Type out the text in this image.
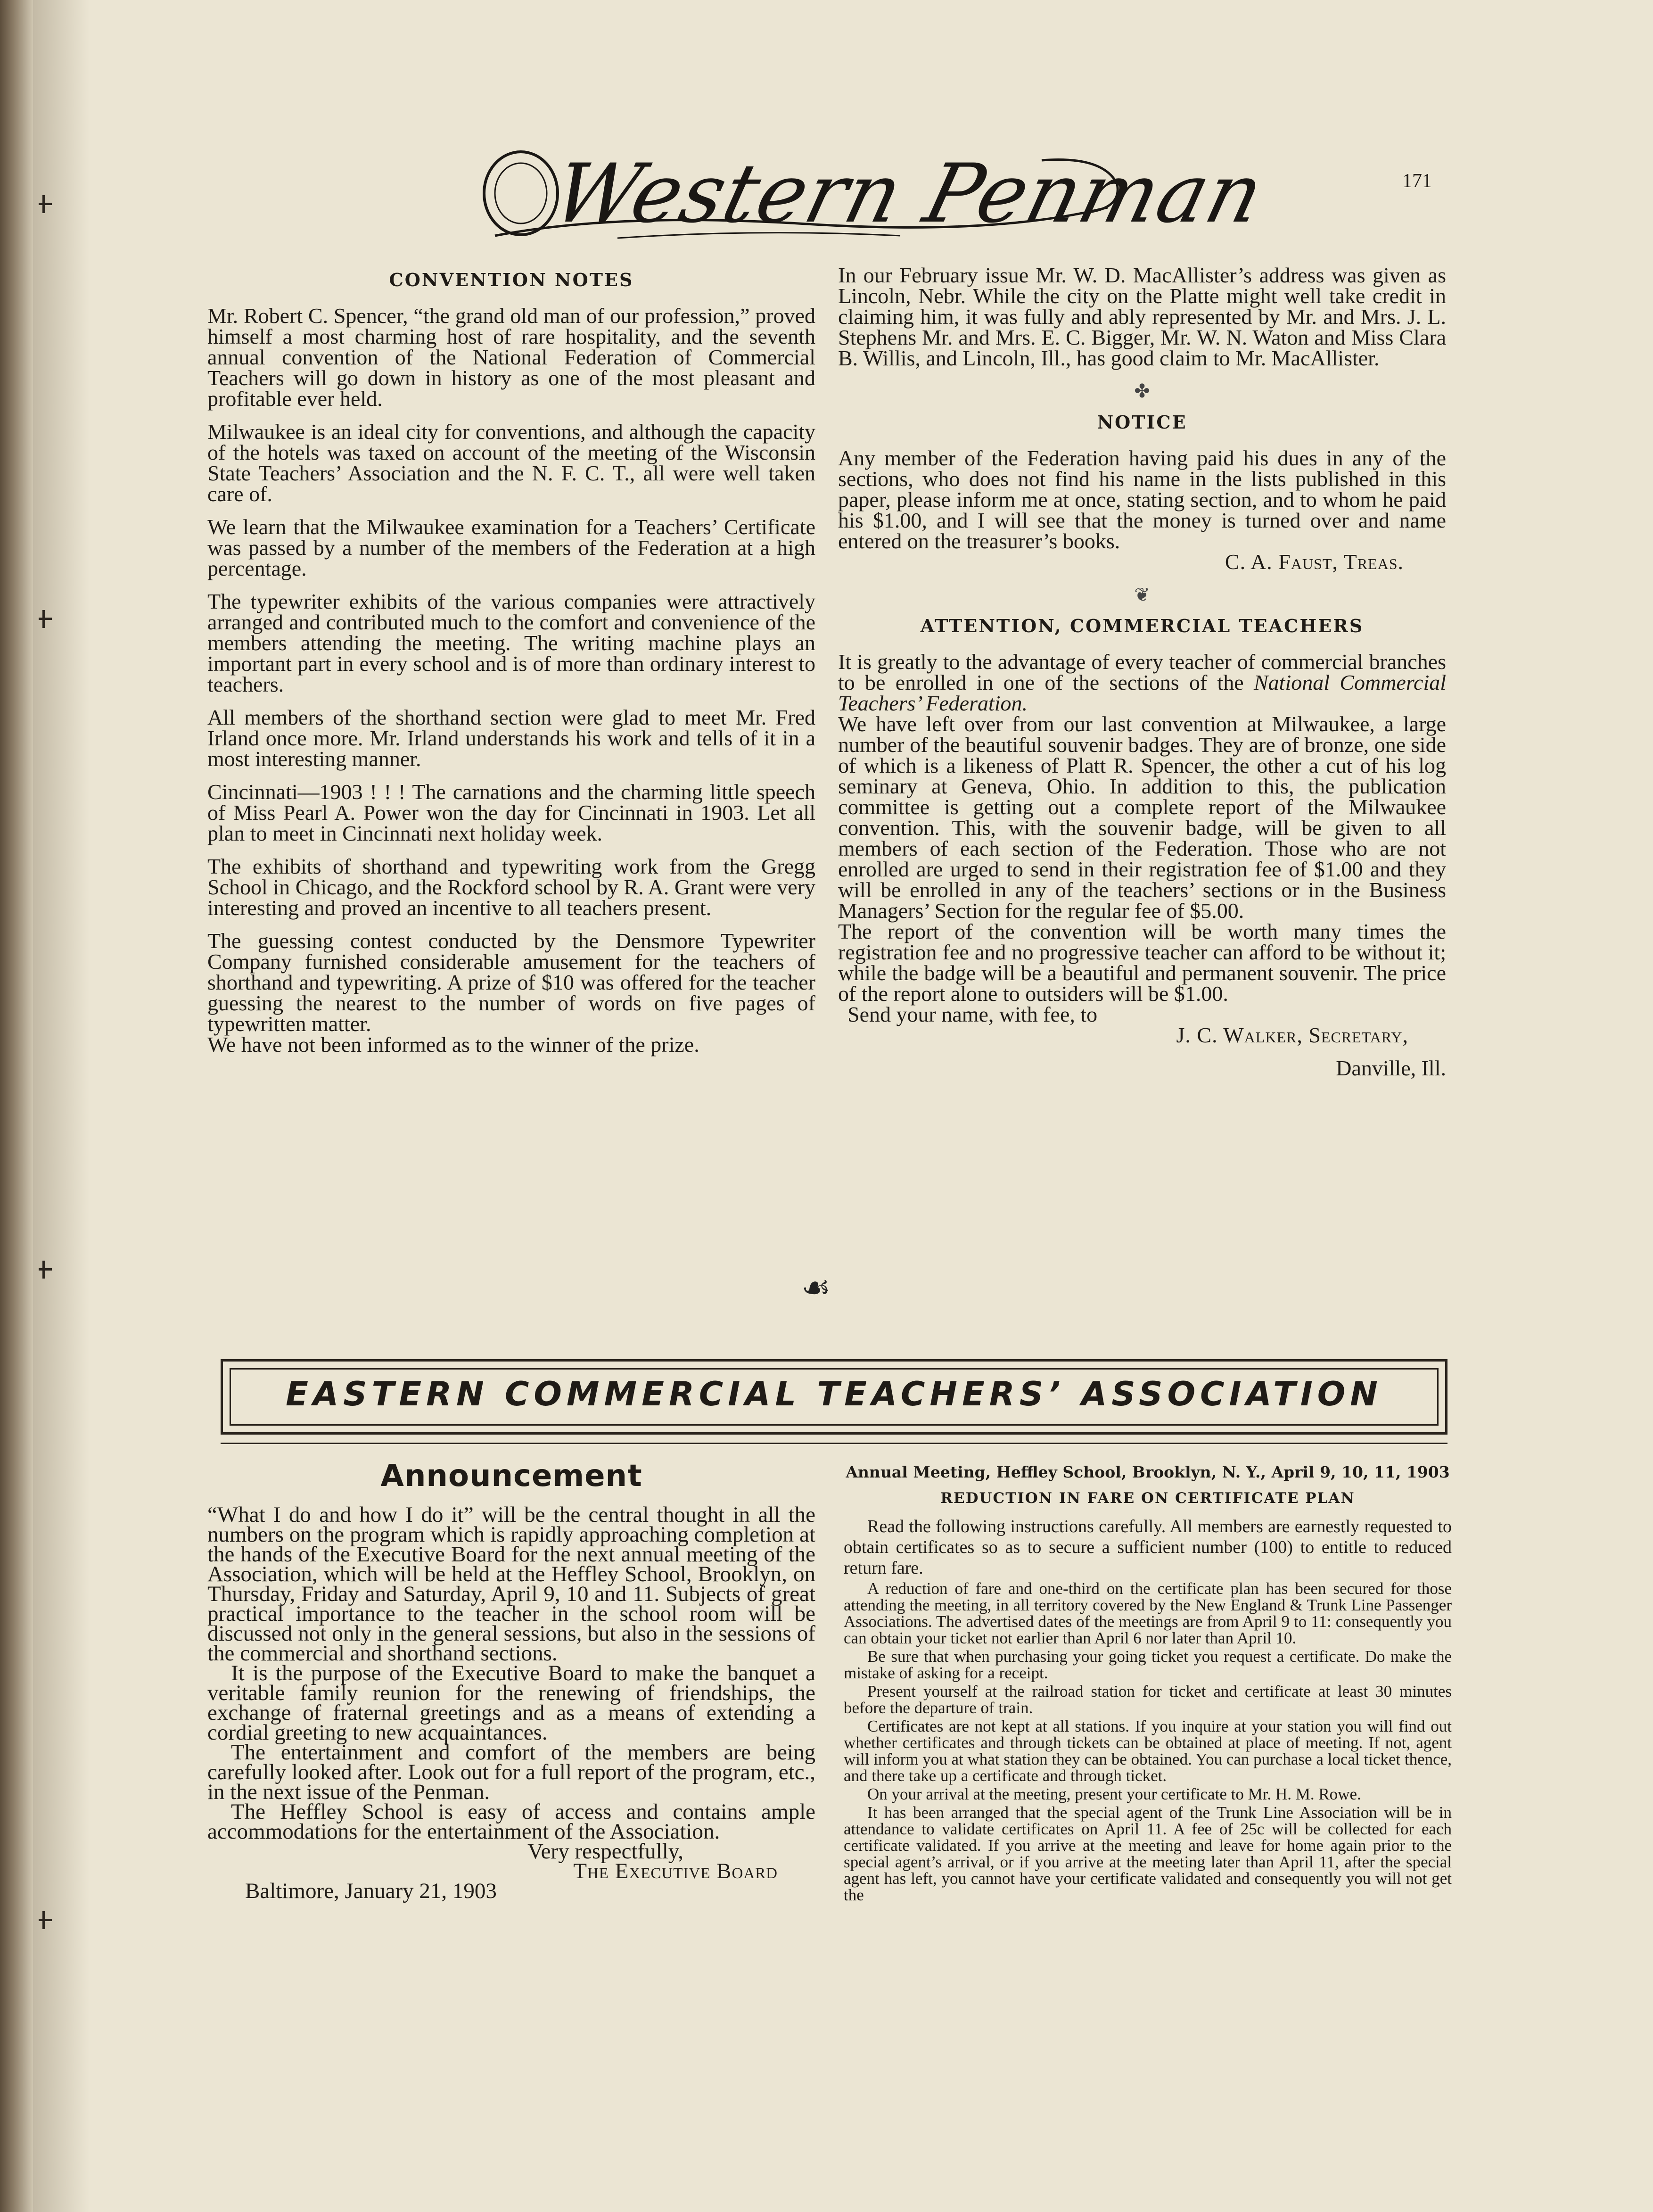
Western Penman	171
CONVENTION NOTES

Mr. Robert C. Spencer, “the grand old man of our profession,” proved himself a most charming host of rare hospitality, and the seventh annual convention of the National Federation of Commercial Teachers will go down in history as one of the most pleasant and profitable ever held.

Milwaukee is an ideal city for conventions, and although the capacity of the hotels was taxed on account of the meeting of the Wisconsin State Teachers’ Association and the N. F. C. T., all were well taken care of.

We learn that the Milwaukee examination for a Teachers’ Certificate was passed by a number of the members of the Federation at a high percentage.

The typewriter exhibits of the various companies were attractively arranged and contributed much to the comfort and convenience of the members attending the meeting. The writing machine plays an important part in every school and is of more than ordinary interest to teachers.

All members of the shorthand section were glad to meet Mr. Fred Irland once more. Mr. Irland understands his work and tells of it in a most interesting manner.

Cincinnati—1903 ! ! ! The carnations and the charming little speech of Miss Pearl A. Power won the day for Cincinnati in 1903. Let all plan to meet in Cincinnati next holiday week.

The exhibits of shorthand and typewriting work from the Gregg School in Chicago, and the Rockford school by R. A. Grant were very interesting and proved an incentive to all teachers present.

The guessing contest conducted by the Densmore Typewriter Company furnished considerable amusement for the teachers of shorthand and typewriting. A prize of $10 was offered for the teacher guessing the nearest to the number of words on five pages of typewritten matter.

We have not been informed as to the winner of the prize.

In our February issue Mr. W. D. MacAllister’s address was given as Lincoln, Nebr. While the city on the Platte might well take credit in claiming him, it was fully and ably represented by Mr. and Mrs. J. L. Stephens Mr. and Mrs. E. C. Bigger, Mr. W. N. Waton and Miss Clara B. Willis, and Lincoln, Ill., has good claim to Mr. MacAllister.

✤
NOTICE

Any member of the Federation having paid his dues in any of the sections, who does not find his name in the lists published in this paper, please inform me at once, stating section, and to whom he paid his $1.00, and I will see that the money is turned over and name entered on the treasurer’s books.

C. A. Faust, Treas.

❦
ATTENTION, COMMERCIAL TEACHERS

It is greatly to the advantage of every teacher of commercial branches to be enrolled in one of the sections of the National Commercial Teachers’ Federation.

We have left over from our last convention at Milwaukee, a large number of the beautiful souvenir badges. They are of bronze, one side of which is a likeness of Platt R. Spencer, the other a cut of his log seminary at Geneva, Ohio. In addition to this, the publication committee is getting out a complete report of the Milwaukee convention. This, with the souvenir badge, will be given to all members of each section of the Federation. Those who are not enrolled are urged to send in their registration fee of $1.00 and they will be enrolled in any of the teachers’ sections or in the Business Managers’ Section for the regular fee of $5.00.

The report of the convention will be worth many times the registration fee and no progressive teacher can afford to be without it; while the badge will be a beautiful and permanent souvenir. The price of the report alone to outsiders will be $1.00.

Send your name, with fee, to

J. C. Walker, Secretary,

Danville, Ill.

☙
EASTERN COMMERCIAL TEACHERS’ ASSOCIATION
Announcement

“What I do and how I do it” will be the central thought in all the numbers on the program which is rapidly approaching completion at the hands of the Executive Board for the next annual meeting of the Association, which will be held at the Heffley School, Brooklyn, on Thursday, Friday and Saturday, April 9, 10 and 11. Subjects of great practical importance to the teacher in the school room will be discussed not only in the general sessions, but also in the sessions of the commercial and shorthand sections.

It is the purpose of the Executive Board to make the banquet a veritable family reunion for the renewing of friendships, the exchange of fraternal greetings and as a means of extending a cordial greeting to new acquaintances.

The entertainment and comfort of the members are being carefully looked after. Look out for a full report of the program, etc., in the next issue of the Penman.

The Heffley School is easy of access and contains ample accommodations for the entertainment of the Association.

Very respectfully,

The Executive Board

Baltimore, January 21, 1903

Annual Meeting, Heffley School, Brooklyn, N. Y., April 9, 10, 11, 1903
REDUCTION IN FARE ON CERTIFICATE PLAN

Read the following instructions carefully. All members are earnestly requested to obtain certificates so as to secure a sufficient number (100) to entitle to reduced return fare.

A reduction of fare and one-third on the certificate plan has been secured for those attending the meeting, in all territory covered by the New England & Trunk Line Passenger Associations. The advertised dates of the meetings are from April 9 to 11: consequently you can obtain your ticket not earlier than April 6 nor later than April 10.

Be sure that when purchasing your going ticket you request a certificate. Do make the mistake of asking for a receipt.

Present yourself at the railroad station for ticket and certificate at least 30 minutes before the departure of train.

Certificates are not kept at all stations. If you inquire at your station you will find out whether certificates and through tickets can be obtained at place of meeting. If not, agent will inform you at what station they can be obtained. You can purchase a local ticket thence, and there take up a certificate and through ticket.

On your arrival at the meeting, present your certificate to Mr. H. M. Rowe.

It has been arranged that the special agent of the Trunk Line Association will be in attendance to validate certificates on April 11. A fee of 25c will be collected for each certificate validated. If you arrive at the meeting and leave for home again prior to the special agent’s arrival, or if you arrive at the meeting later than April 11, after the special agent has left, you cannot have your certificate validated and consequently you will not get the
